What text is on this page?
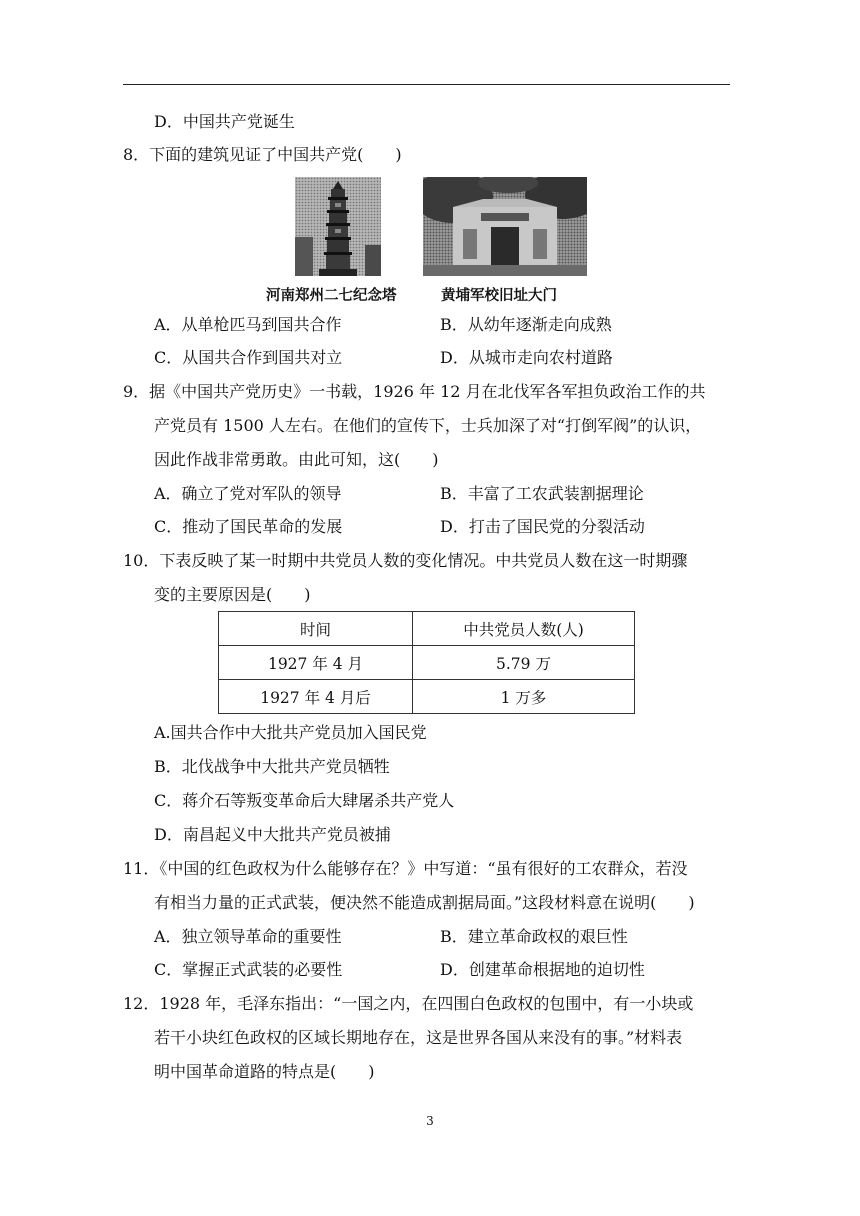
D．中国共产党诞生
8．下面的建筑见证了中国共产党(　　)
河南郑州二七纪念塔	黄埔军校旧址大门
A．从单枪匹马到国共合作	B．从幼年逐渐走向成熟
C．从国共合作到国共对立	D．从城市走向农村道路
9．据《中国共产党历史》一书载，1926 年 12 月在北伐军各军担负政治工作的共
产党员有 1500 人左右。在他们的宣传下，士兵加深了对“打倒军阀”的认识，
因此作战非常勇敢。由此可知，这(　　)
A．确立了党对军队的领导	B．丰富了工农武装割据理论
C．推动了国民革命的发展	D．打击了国民党的分裂活动
10．下表反映了某一时期中共党员人数的变化情况。中共党员人数在这一时期骤
变的主要原因是(　　)
时间	中共党员人数(人)
1927 年 4 月	5.79 万
1927 年 4 月后	1 万多
A.国共合作中大批共产党员加入国民党
B．北伐战争中大批共产党员牺牲
C．蒋介石等叛变革命后大肆屠杀共产党人
D．南昌起义中大批共产党员被捕
11．《中国的红色政权为什么能够存在？》中写道：“虽有很好的工农群众，若没
有相当力量的正式武装，便决然不能造成割据局面。”这段材料意在说明(　　)
A．独立领导革命的重要性	B．建立革命政权的艰巨性
C．掌握正式武装的必要性	D．创建革命根据地的迫切性
12．1928 年，毛泽东指出：“一国之内，在四围白色政权的包围中，有一小块或
若干小块红色政权的区域长期地存在，这是世界各国从来没有的事。”材料表
明中国革命道路的特点是(　　)
3
